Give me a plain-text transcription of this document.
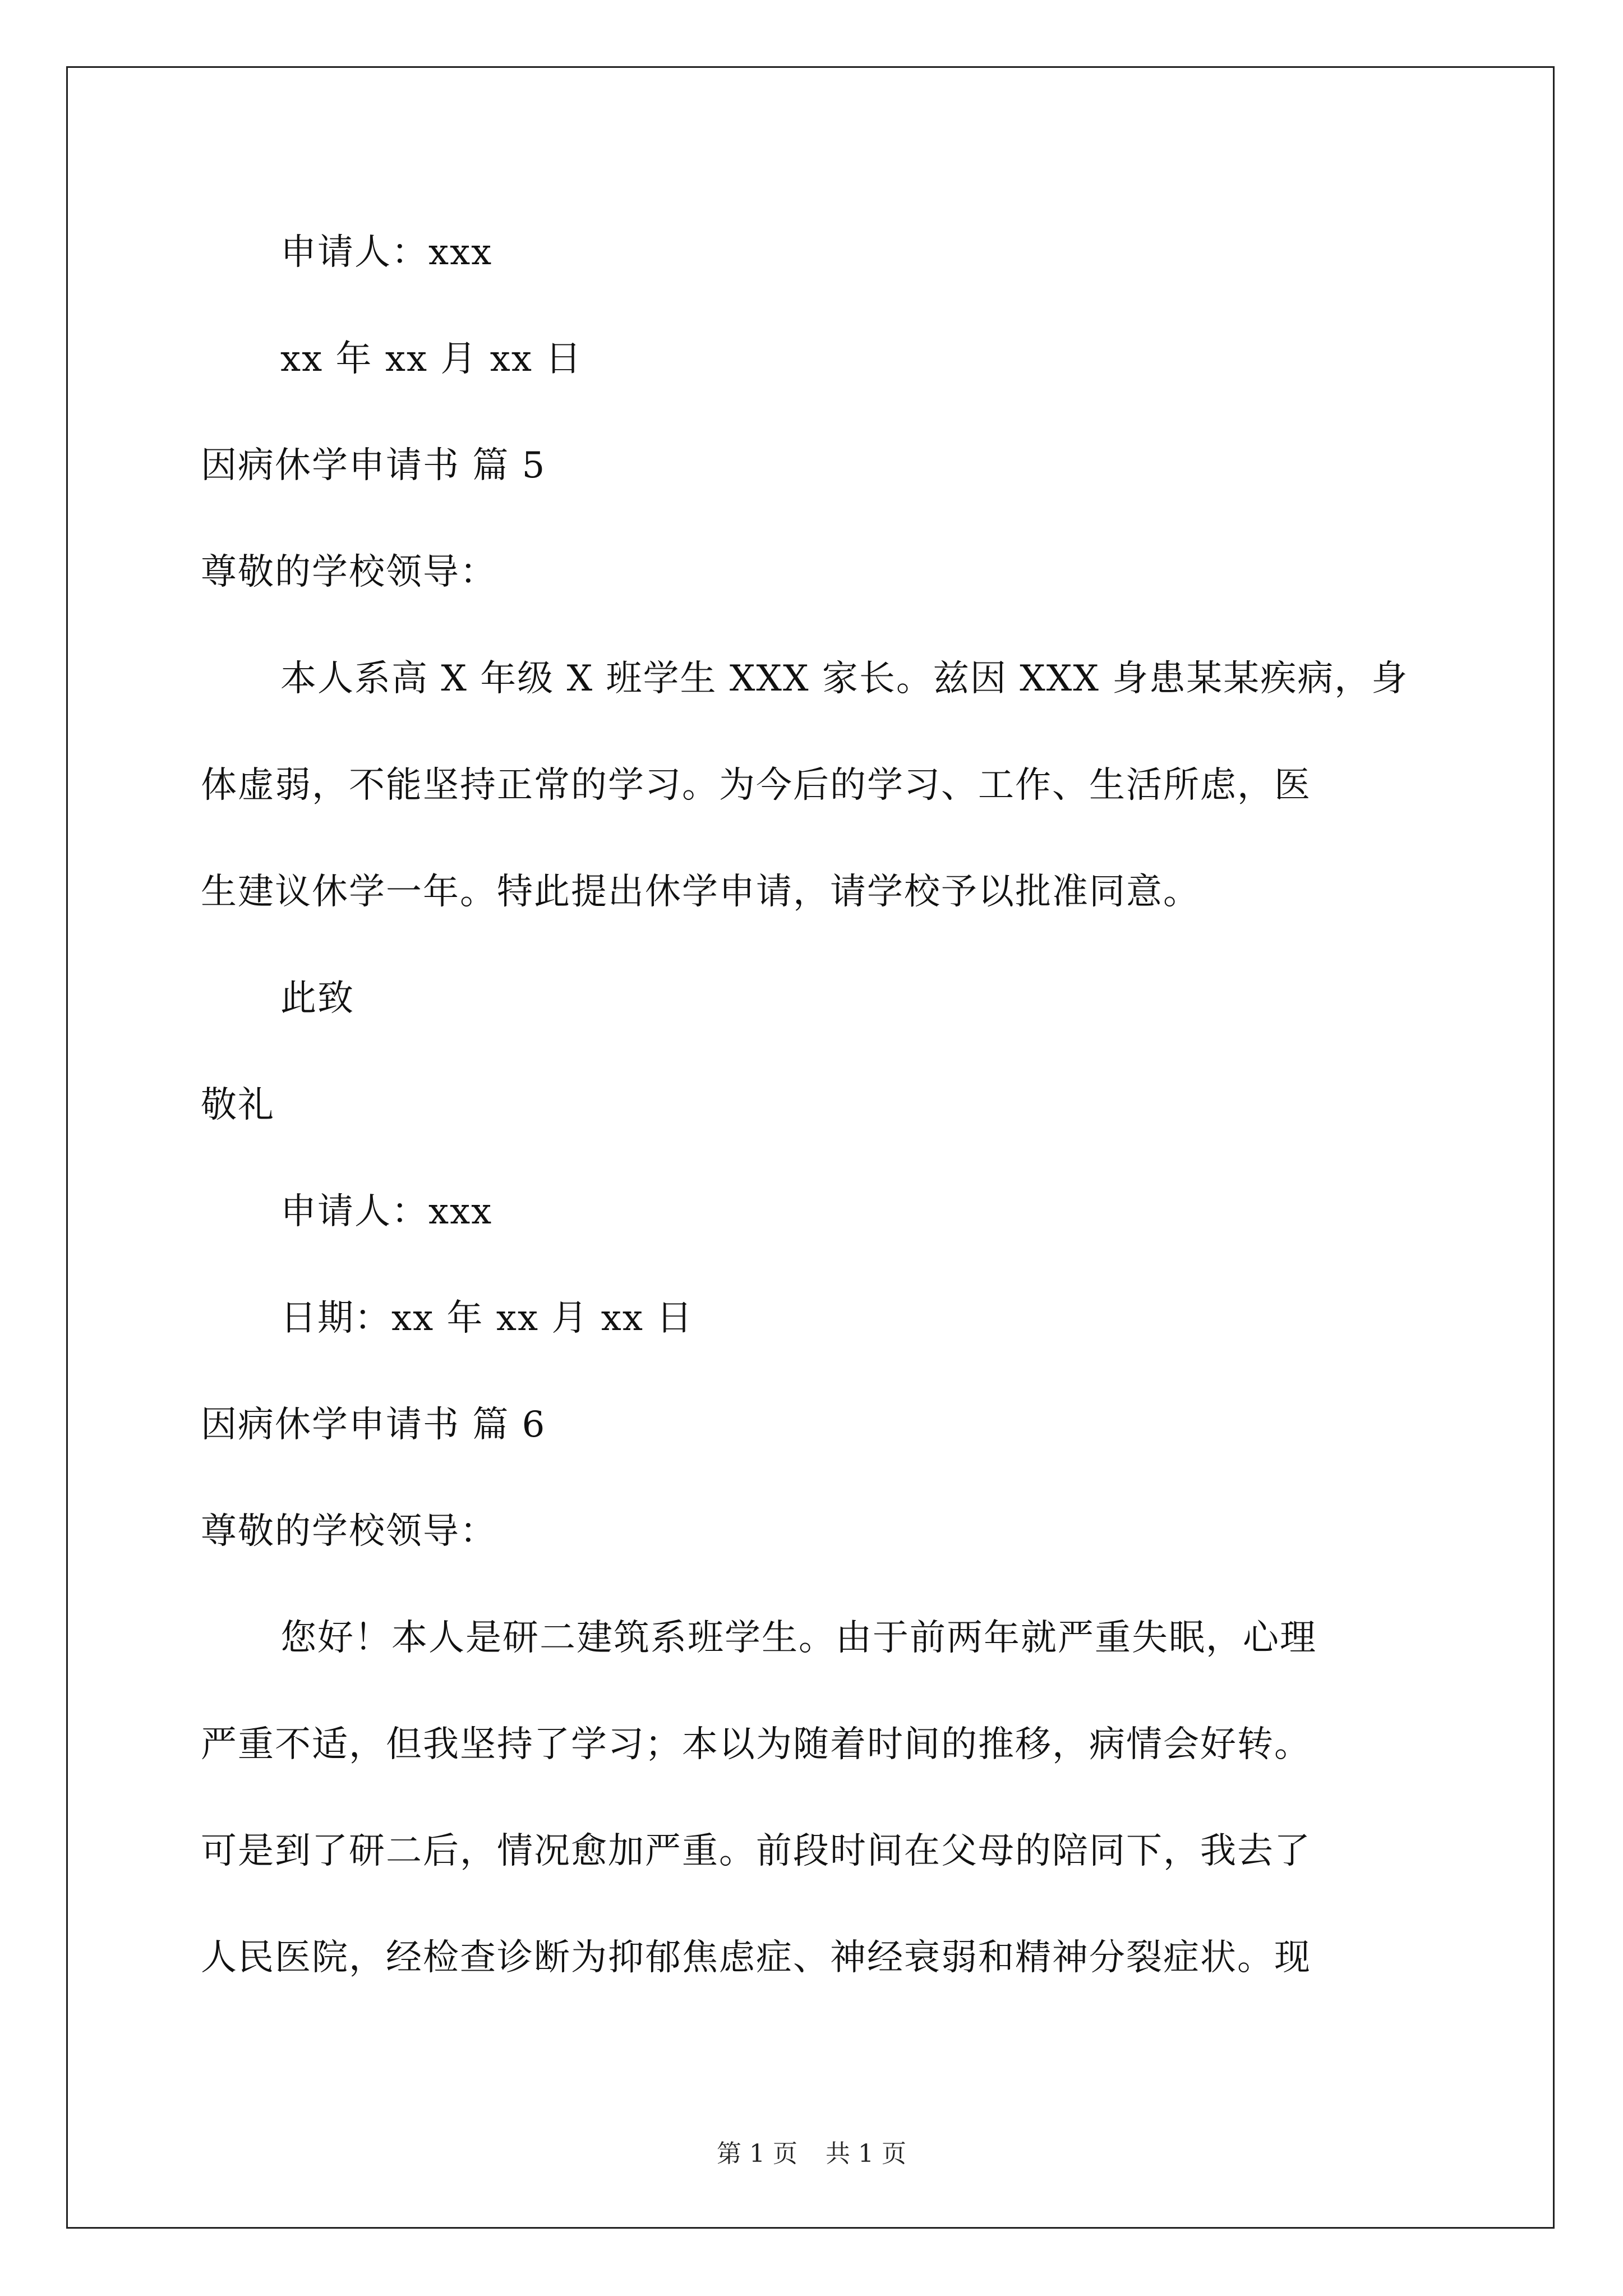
申请人：xxx
xx 年 xx 月 xx 日
因病休学申请书 篇 5
尊敬的学校领导：
本人系高 X 年级 X 班学生 XXX 家长。兹因 XXX 身患某某疾病，身
体虚弱，不能坚持正常的学习。为今后的学习、工作、生活所虑，医
生建议休学一年。特此提出休学申请，请学校予以批准同意。
此致
敬礼
申请人：xxx
日期：xx 年 xx 月 xx 日
因病休学申请书 篇 6
尊敬的学校领导：
您好！本人是研二建筑系班学生。由于前两年就严重失眠，心理
严重不适，但我坚持了学习；本以为随着时间的推移，病情会好转。
可是到了研二后，情况愈加严重。前段时间在父母的陪同下，我去了
人民医院，经检查诊断为抑郁焦虑症、神经衰弱和精神分裂症状。现
第 1 页 共 1 页
